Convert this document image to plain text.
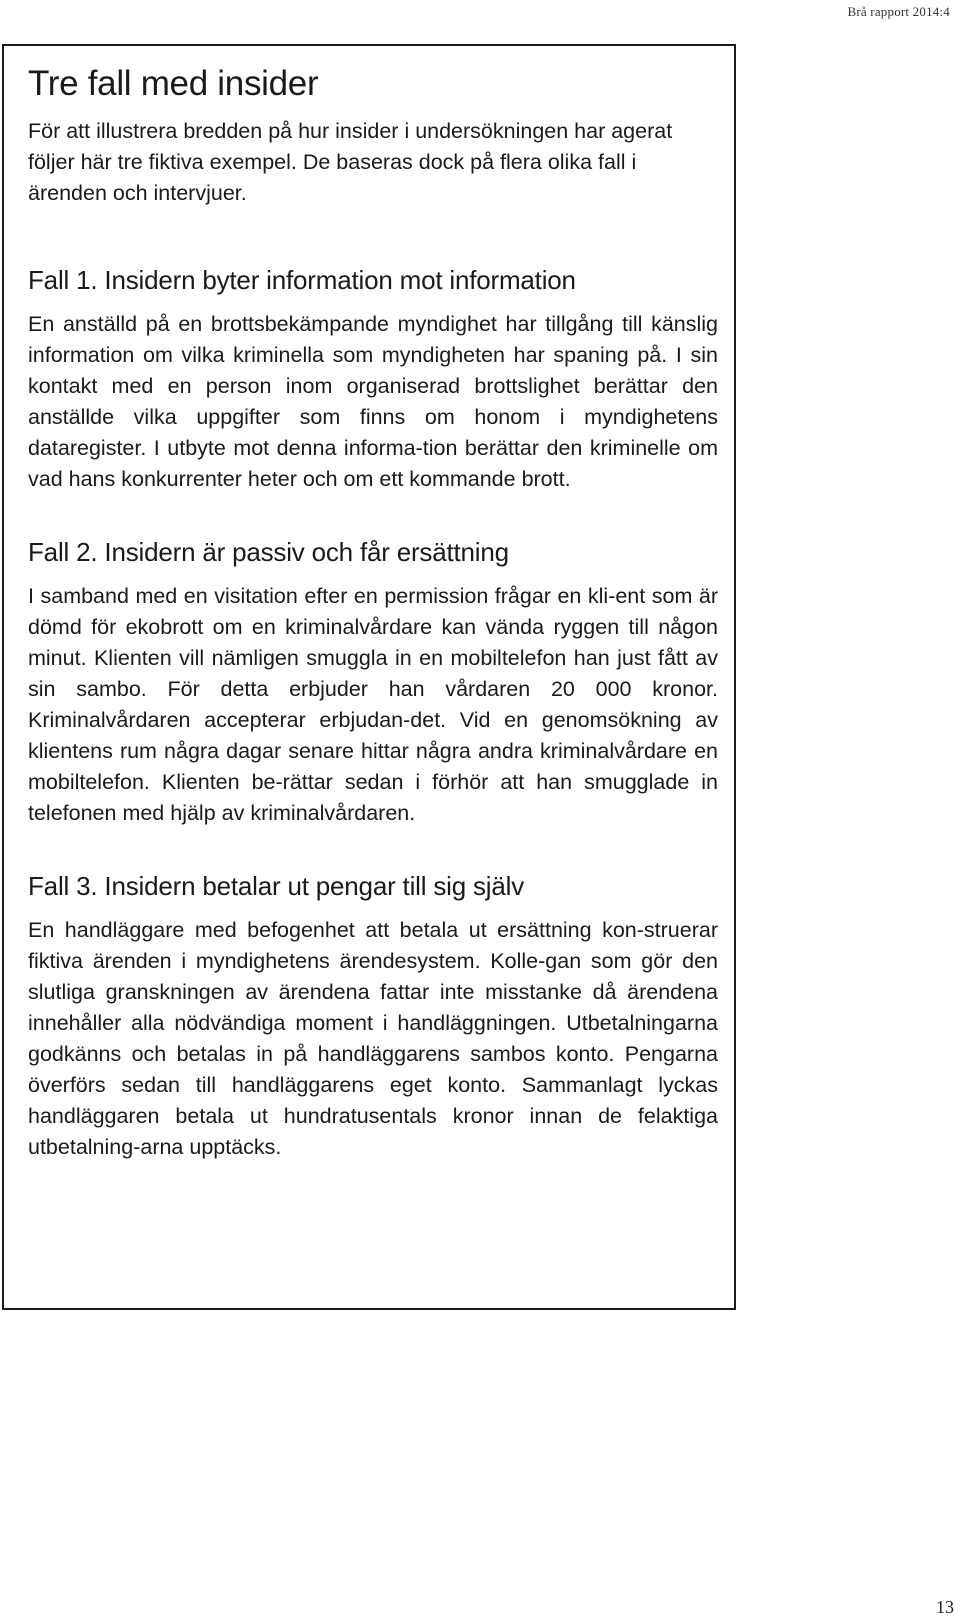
Brå rapport 2014:4
Tre fall med insider

För att illustrera bredden på hur insider i undersökningen har agerat följer här tre fiktiva exempel. De baseras dock på flera olika fall i ärenden och intervjuer.

Fall 1. Insidern byter information mot information

En anställd på en brottsbekämpande myndighet har tillgång till känslig information om vilka kriminella som myndigheten har spaning på. I sin kontakt med en person inom organiserad brottslighet berättar den anställde vilka uppgifter som finns om honom i myndighetens dataregister. I utbyte mot denna informa-tion berättar den kriminelle om vad hans konkurrenter heter och om ett kommande brott.

Fall 2. Insidern är passiv och får ersättning

I samband med en visitation efter en permission frågar en kli-ent som är dömd för ekobrott om en kriminalvårdare kan vända ryggen till någon minut. Klienten vill nämligen smuggla in en mobiltelefon han just fått av sin sambo. För detta erbjuder han vårdaren 20 000 kronor. Kriminalvårdaren accepterar erbjudan-det. Vid en genomsökning av klientens rum några dagar senare hittar några andra kriminalvårdare en mobiltelefon. Klienten be-rättar sedan i förhör att han smugglade in telefonen med hjälp av kriminalvårdaren.

Fall 3. Insidern betalar ut pengar till sig själv

En handläggare med befogenhet att betala ut ersättning kon-struerar fiktiva ärenden i myndighetens ärendesystem. Kolle-gan som gör den slutliga granskningen av ärendena fattar inte misstanke då ärendena innehåller alla nödvändiga moment i handläggningen. Utbetalningarna godkänns och betalas in på handläggarens sambos konto. Pengarna överförs sedan till handläggarens eget konto. Sammanlagt lyckas handläggaren betala ut hundratusentals kronor innan de felaktiga utbetalning-arna upptäcks.

13
